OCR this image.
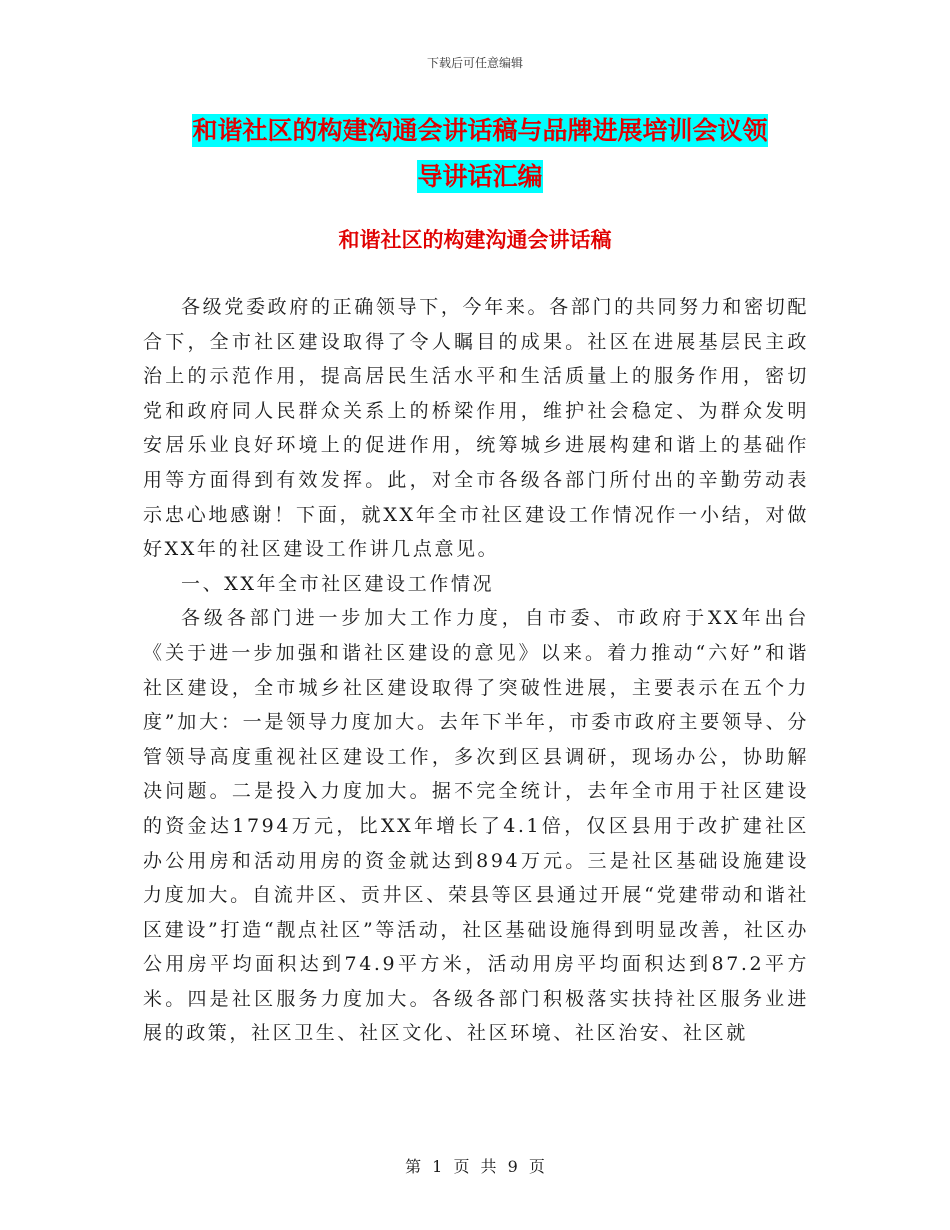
下载后可任意编辑
和谐社区的构建沟通会讲话稿与品牌进展培训会议领
导讲话汇编
和谐社区的构建沟通会讲话稿

各级党委政府的正确领导下，今年来。各部门的共同努力和密切配合下，全市社区建设取得了令人瞩目的成果。社区在进展基层民主政治上的示范作用，提高居民生活水平和生活质量上的服务作用，密切党和政府同人民群众关系上的桥梁作用，维护社会稳定、为群众发明安居乐业良好环境上的促进作用，统筹城乡进展构建和谐上的基础作用等方面得到有效发挥。此，对全市各级各部门所付出的辛勤劳动表示忠心地感谢！下面，就XX年全市社区建设工作情况作一小结，对做好XX年的社区建设工作讲几点意见。

一、XX年全市社区建设工作情况

各级各部门进一步加大工作力度，自市委、市政府于XX年出台《关于进一步加强和谐社区建设的意见》以来。着力推动“六好”和谐社区建设，全市城乡社区建设取得了突破性进展，主要表示在五个力度”加大：一是领导力度加大。去年下半年，市委市政府主要领导、分管领导高度重视社区建设工作，多次到区县调研，现场办公，协助解决问题。二是投入力度加大。据不完全统计，去年全市用于社区建设的资金达1794万元，比XX年增长了4.1倍，仅区县用于改扩建社区办公用房和活动用房的资金就达到894万元。三是社区基础设施建设力度加大。自流井区、贡井区、荣县等区县通过开展“党建带动和谐社区建设”打造“靓点社区”等活动，社区基础设施得到明显改善，社区办公用房平均面积达到74.9平方米，活动用房平均面积达到87.2平方米。四是社区服务力度加大。各级各部门积极落实扶持社区服务业进展的政策，社区卫生、社区文化、社区环境、社区治安、社区就

第 1 页 共 9 页
